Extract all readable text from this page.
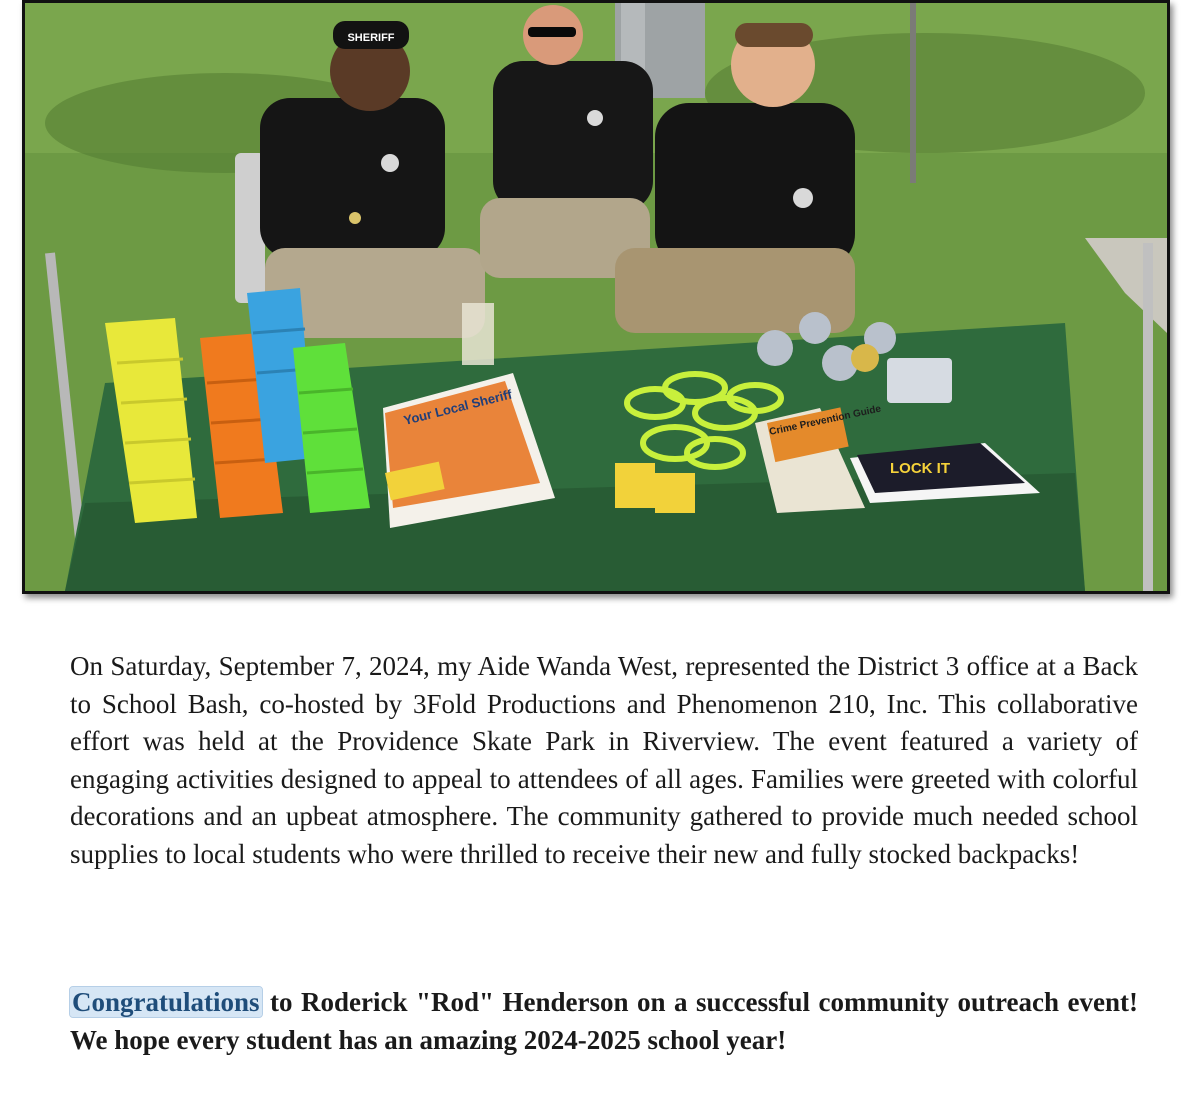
SHERIFF
Your Local Sheriff	Crime Prevention Guide
LOCK IT

On Saturday, September 7, 2024, my Aide Wanda West, represented the District 3 office at a Back to School Bash, co-hosted by 3Fold Productions and Phenomenon 210, Inc. This collaborative effort was held at the Providence Skate Park in Riverview. The event featured a variety of engaging activities designed to appeal to attendees of all ages. Families were greeted with colorful decorations and an upbeat atmosphere. The community gathered to provide much needed school supplies to local students who were thrilled to receive their new and fully stocked backpacks!

Congratulations to Roderick "Rod" Henderson on a successful community outreach event! We hope every student has an amazing 2024-2025 school year!
